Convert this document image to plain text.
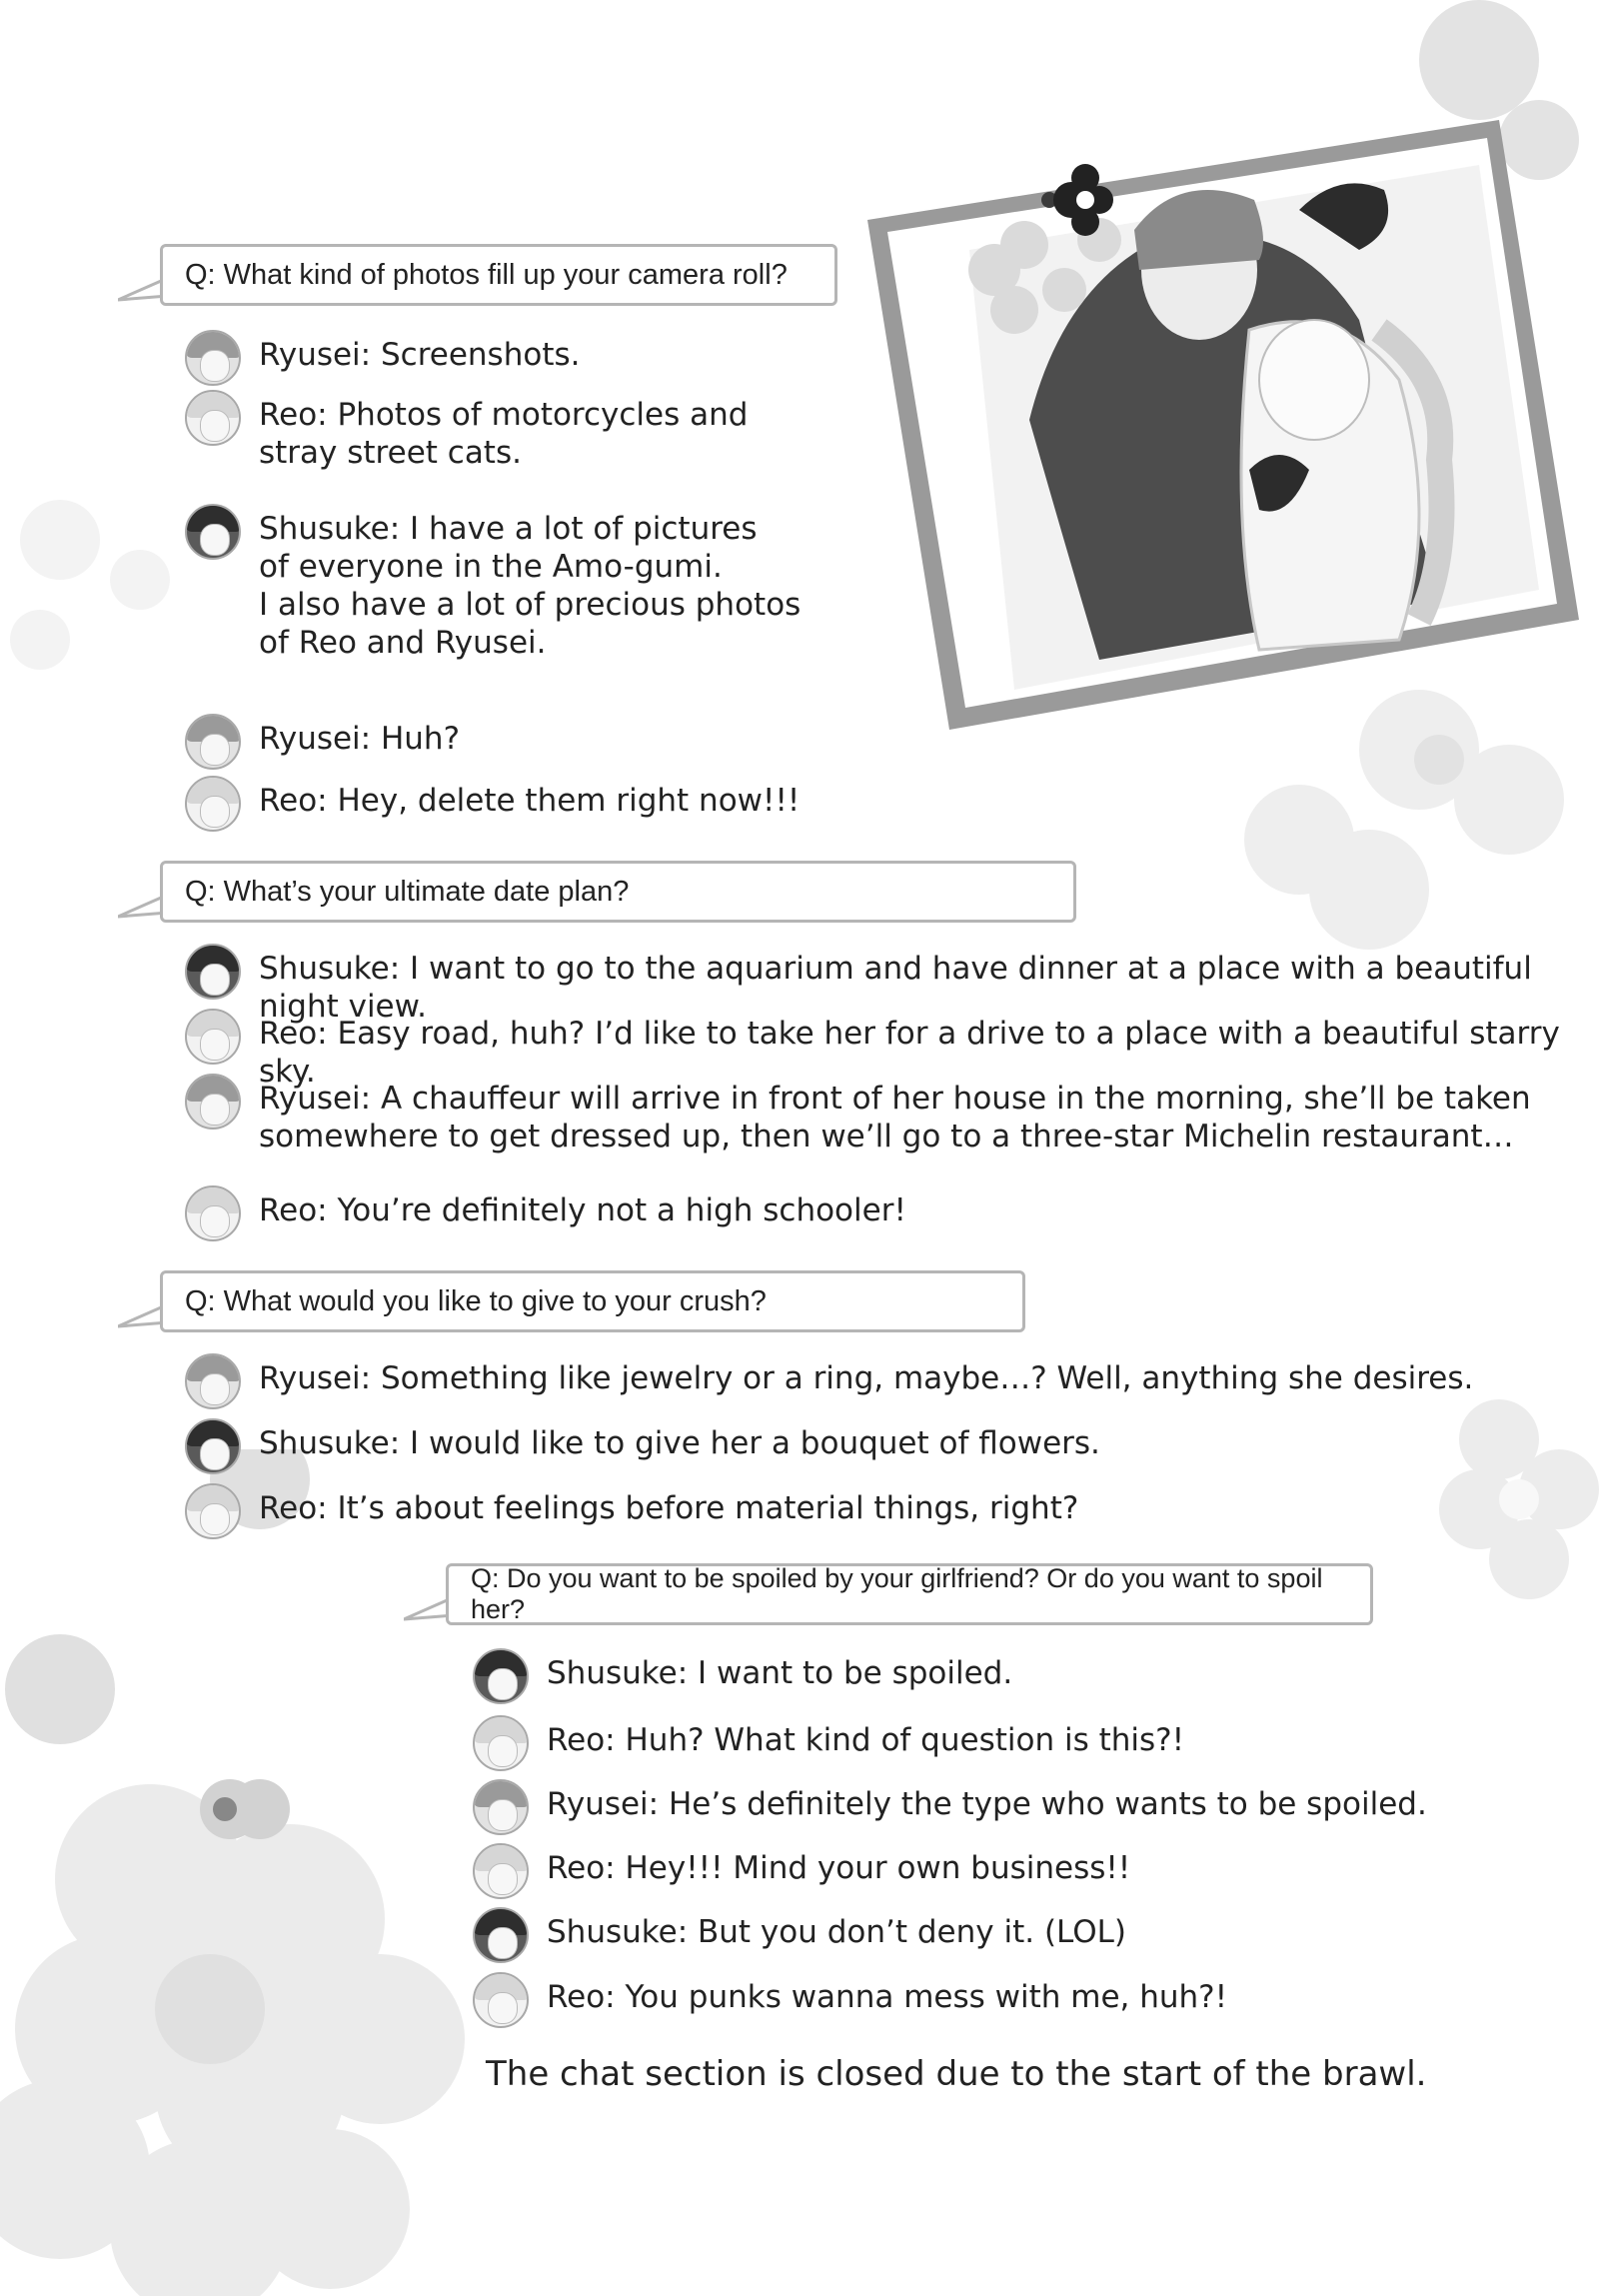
Q: What kind of photos fill up your camera roll?
Ryusei: Screenshots.
Reo: Photos of motorcycles and
stray street cats.
Shusuke: I have a lot of pictures
of everyone in the Amo-gumi.
I also have a lot of precious photos
of Reo and Ryusei.
Ryusei: Huh?
Reo: Hey, delete them right now!!!
Q: What’s your ultimate date plan?
Shusuke: I want to go to the aquarium and have dinner at a place with a beautiful night view.
Reo: Easy road, huh? I’d like to take her for a drive to a place with a beautiful starry sky.
Ryusei: A chauffeur will arrive in front of her house in the morning, she’ll be taken
somewhere to get dressed up, then we’ll go to a three-star Michelin restaurant…
Reo: You’re definitely not a high schooler!
Q: What would you like to give to your crush?
Ryusei: Something like jewelry or a ring, maybe…? Well, anything she desires.
Shusuke: I would like to give her a bouquet of flowers.
Reo: It’s about feelings before material things, right?
Q: Do you want to be spoiled by your girlfriend? Or do you want to spoil her?
Shusuke: I want to be spoiled.
Reo: Huh? What kind of question is this?!
Ryusei: He’s definitely the type who wants to be spoiled.
Reo: Hey!!! Mind your own business!!
Shusuke: But you don’t deny it. (LOL)
Reo: You punks wanna mess with me, huh?!
The chat section is closed due to the start of the brawl.
